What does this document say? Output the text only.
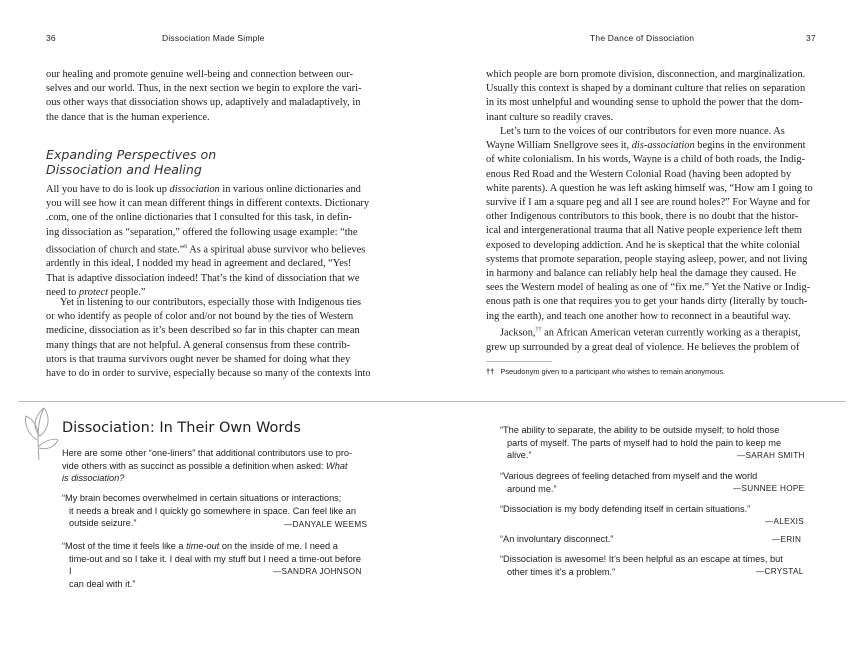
36	Dissociation Made Simple	The Dance of Dissociation	37
our healing and promote genuine well-being and connection between our-
selves and our world. Thus, in the next section we begin to explore the vari-
ous other ways that dissociation shows up, adaptively and maladaptively, in
the dance that is the human experience.
Expanding Perspectives on
Dissociation and Healing
All you have to do is look up dissociation in various online dictionaries and
you will see how it can mean different things in different contexts. Dictionary
.com, one of the online dictionaries that I consulted for this task, in defin-
ing dissociation as “separation,” offered the following usage example: “the
dissociation of church and state.”$^6$ As a spiritual abuse survivor who believes
ardently in this ideal, I nodded my head in agreement and declared, “Yes!
That is adaptive dissociation indeed! That’s the kind of dissociation that we
need to protect people.”
Yet in listening to our contributors, especially those with Indigenous ties
or who identify as people of color and/or not bound by the ties of Western
medicine, dissociation as it’s been described so far in this chapter can mean
many things that are not helpful. A general consensus from these contrib-
utors is that trauma survivors ought never be shamed for doing what they
have to do in order to survive, especially because so many of the contexts into
which people are born promote division, disconnection, and marginalization.
Usually this context is shaped by a dominant culture that relies on separation
in its most unhelpful and wounding sense to uphold the power that the dom-
inant culture so readily craves.
Let’s turn to the voices of our contributors for even more nuance. As
Wayne William Snellgrove sees it, dis-association begins in the environment
of white colonialism. In his words, Wayne is a child of both roads, the Indig-
enous Red Road and the Western Colonial Road (having been adopted by
white parents). A question he was left asking himself was, “How am I going to
survive if I am a square peg and all I see are round holes?” For Wayne and for
other Indigenous contributors to this book, there is no doubt that the histor-
ical and intergenerational trauma that all Native people experience left them
exposed to developing addiction. And he is skeptical that the white colonial
systems that promote separation, people staying asleep, power, and not living
in harmony and balance can reliably help heal the damage they caused. He
sees the Western model of healing as one of “fix me.” Yet the Native or Indig-
enous path is one that requires you to get your hands dirty (literally by touch-
ing the earth), and teach one another how to reconnect in a beautiful way.
Jackson,†† an African American veteran currently working as a therapist,
grew up surrounded by a great deal of violence. He believes the problem of
†† Pseudonym given to a participant who wishes to remain anonymous.
Dissociation: In Their Own Words
Here are some other “one-liners” that additional contributors use to pro-
vide others with as succinct as possible a definition when asked: What
is dissociation?
“My brain becomes overwhelmed in certain situations or interactions;
it needs a break and I quickly go somewhere in space. Can feel like an
outside seizure.”	—DANYALE WEEMS
“Most of the time it feels like a time-out on the inside of me. I need a
time-out and so I take it. I deal with my stuff but I need a time-out before I
can deal with it.”
—SANDRA JOHNSON
“The ability to separate, the ability to be outside myself; to hold those
parts of myself. The parts of myself had to hold the pain to keep me
alive.”	—SARAH SMITH
“Various degrees of feeling detached from myself and the world
around me.”	—SUNNEE HOPE
“Dissociation is my body defending itself in certain situations.”
—ALEXIS
“An involuntary disconnect.”	—ERIN
“Dissociation is awesome! It’s been helpful as an escape at times, but
other times it’s a problem.”	—CRYSTAL
